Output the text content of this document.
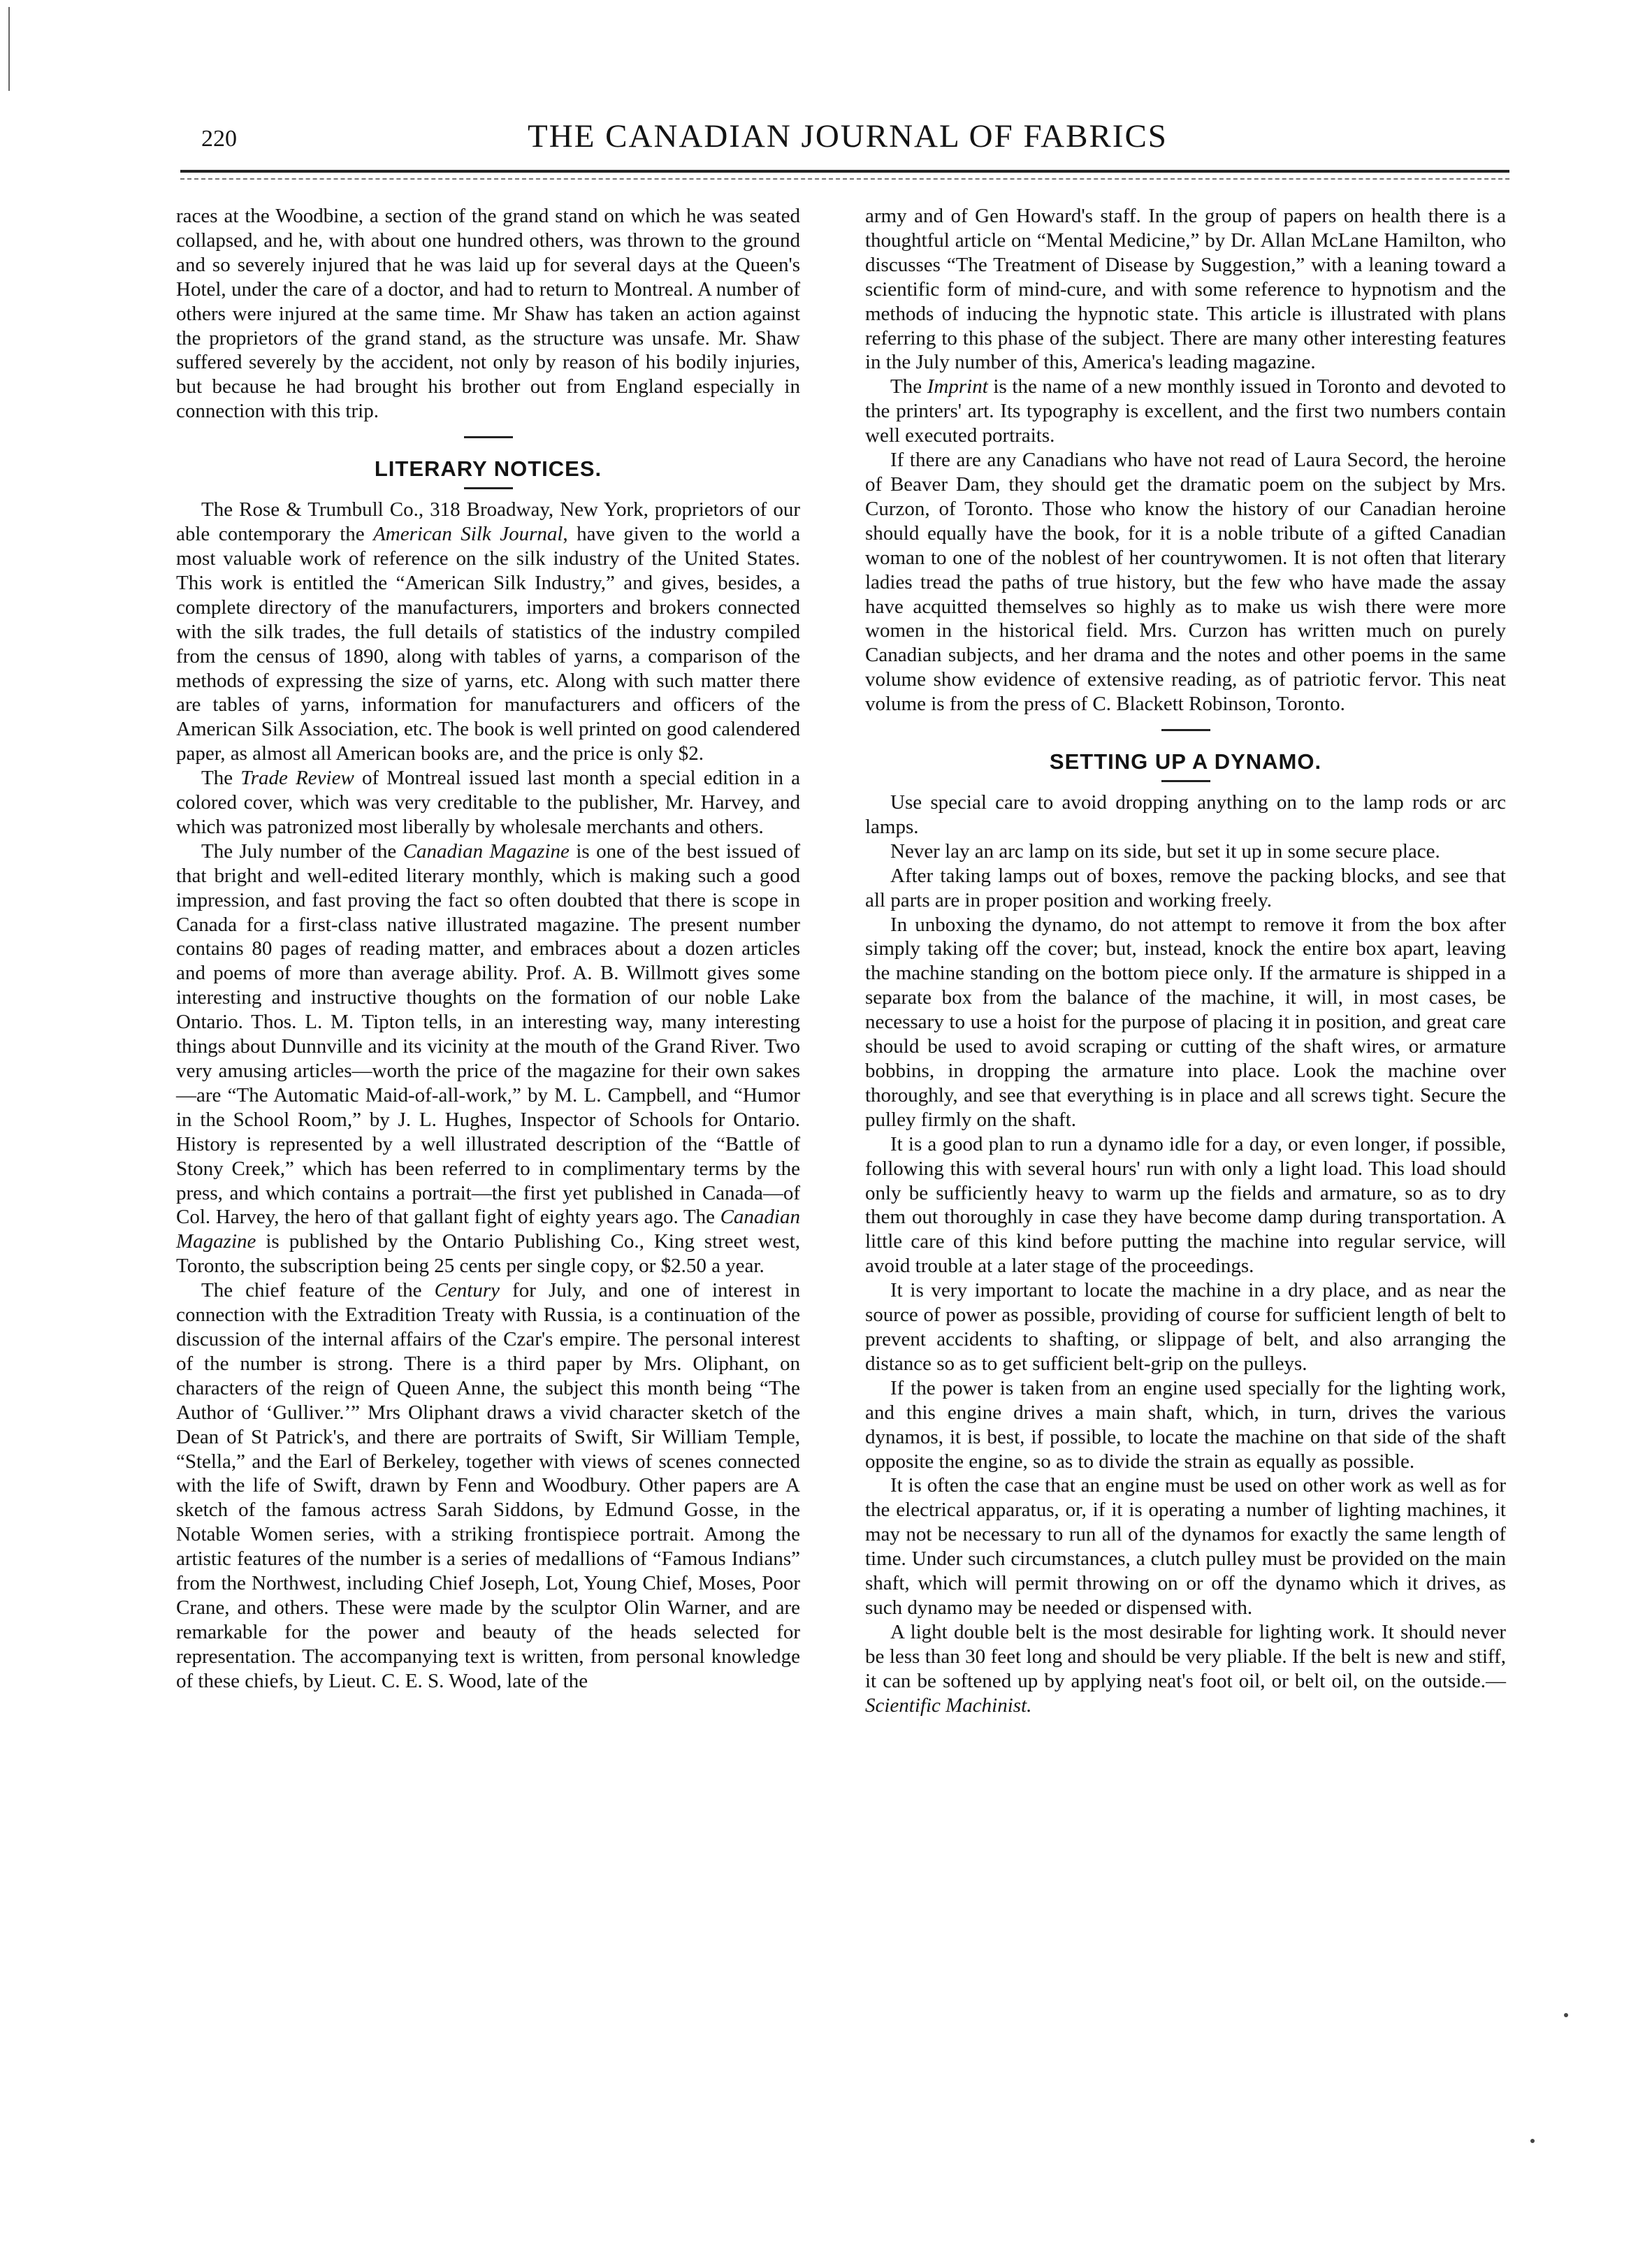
220	THE CANADIAN JOURNAL OF FABRICS

races at the Woodbine, a section of the grand stand on which he was seated collapsed, and he, with about one hundred others, was thrown to the ground and so severely injured that he was laid up for several days at the Queen's Hotel, under the care of a doctor, and had to return to Montreal. A number of others were injured at the same time. Mr Shaw has taken an action against the proprietors of the grand stand, as the structure was unsafe. Mr. Shaw suffered severely by the accident, not only by reason of his bodily injuries, but because he had brought his brother out from England especially in connection with this trip.

LITERARY NOTICES.

The Rose & Trumbull Co., 318 Broadway, New York, proprietors of our able contemporary the American Silk Journal, have given to the world a most valuable work of reference on the silk industry of the United States. This work is entitled the “American Silk Industry,” and gives, besides, a complete directory of the manufacturers, importers and brokers connected with the silk trades, the full details of statistics of the industry compiled from the census of 1890, along with tables of yarns, a comparison of the methods of expressing the size of yarns, etc. Along with such matter there are tables of yarns, information for manufacturers and officers of the American Silk Association, etc. The book is well printed on good calendered paper, as almost all American books are, and the price is only $2.

The Trade Review of Montreal issued last month a special edition in a colored cover, which was very creditable to the publisher, Mr. Harvey, and which was patronized most liberally by wholesale merchants and others.

The July number of the Canadian Magazine is one of the best issued of that bright and well-edited literary monthly, which is making such a good impression, and fast proving the fact so often doubted that there is scope in Canada for a first-class native illustrated magazine. The present number contains 80 pages of reading matter, and embraces about a dozen articles and poems of more than average ability. Prof. A. B. Willmott gives some interesting and instructive thoughts on the formation of our noble Lake Ontario. Thos. L. M. Tipton tells, in an interesting way, many interesting things about Dunnville and its vicinity at the mouth of the Grand River. Two very amusing articles—worth the price of the magazine for their own sakes—are “The Automatic Maid-of-all-work,” by M. L. Campbell, and “Humor in the School Room,” by J. L. Hughes, Inspector of Schools for Ontario. History is represented by a well illustrated description of the “Battle of Stony Creek,” which has been referred to in complimentary terms by the press, and which contains a portrait—the first yet published in Canada—of Col. Harvey, the hero of that gallant fight of eighty years ago. The Canadian Magazine is published by the Ontario Publishing Co., King street west, Toronto, the subscription being 25 cents per single copy, or $2.50 a year.

The chief feature of the Century for July, and one of interest in connection with the Extradition Treaty with Russia, is a continuation of the discussion of the internal affairs of the Czar's empire. The personal interest of the number is strong. There is a third paper by Mrs. Oliphant, on characters of the reign of Queen Anne, the subject this month being “The Author of ‘Gulliver.’” Mrs Oliphant draws a vivid character sketch of the Dean of St Patrick's, and there are portraits of Swift, Sir William Temple, “Stella,” and the Earl of Berkeley, together with views of scenes connected with the life of Swift, drawn by Fenn and Woodbury. Other papers are A sketch of the famous actress Sarah Siddons, by Edmund Gosse, in the Notable Women series, with a striking frontispiece portrait. Among the artistic features of the number is a series of medallions of “Famous Indians” from the Northwest, including Chief Joseph, Lot, Young Chief, Moses, Poor Crane, and others. These were made by the sculptor Olin Warner, and are remarkable for the power and beauty of the heads selected for representation. The accompanying text is written, from personal knowledge of these chiefs, by Lieut. C. E. S. Wood, late of the

army and of Gen Howard's staff. In the group of papers on health there is a thoughtful article on “Mental Medicine,” by Dr. Allan McLane Hamilton, who discusses “The Treatment of Disease by Suggestion,” with a leaning toward a scientific form of mind-cure, and with some reference to hypnotism and the methods of inducing the hypnotic state. This article is illustrated with plans referring to this phase of the subject. There are many other interesting features in the July number of this, America's leading magazine.

The Imprint is the name of a new monthly issued in Toronto and devoted to the printers' art. Its typography is excellent, and the first two numbers contain well executed portraits.

If there are any Canadians who have not read of Laura Secord, the heroine of Beaver Dam, they should get the dramatic poem on the subject by Mrs. Curzon, of Toronto. Those who know the history of our Canadian heroine should equally have the book, for it is a noble tribute of a gifted Canadian woman to one of the noblest of her countrywomen. It is not often that literary ladies tread the paths of true history, but the few who have made the assay have acquitted themselves so highly as to make us wish there were more women in the historical field. Mrs. Curzon has written much on purely Canadian subjects, and her drama and the notes and other poems in the same volume show evidence of extensive reading, as of patriotic fervor. This neat volume is from the press of C. Blackett Robinson, Toronto.

SETTING UP A DYNAMO.

Use special care to avoid dropping anything on to the lamp rods or arc lamps.

Never lay an arc lamp on its side, but set it up in some secure place.

After taking lamps out of boxes, remove the packing blocks, and see that all parts are in proper position and working freely.

In unboxing the dynamo, do not attempt to remove it from the box after simply taking off the cover; but, instead, knock the entire box apart, leaving the machine standing on the bottom piece only. If the armature is shipped in a separate box from the balance of the machine, it will, in most cases, be necessary to use a hoist for the purpose of placing it in position, and great care should be used to avoid scraping or cutting of the shaft wires, or armature bobbins, in dropping the armature into place. Look the machine over thoroughly, and see that everything is in place and all screws tight. Secure the pulley firmly on the shaft.

It is a good plan to run a dynamo idle for a day, or even longer, if possible, following this with several hours' run with only a light load. This load should only be sufficiently heavy to warm up the fields and armature, so as to dry them out thoroughly in case they have become damp during transportation. A little care of this kind before putting the machine into regular service, will avoid trouble at a later stage of the proceedings.

It is very important to locate the machine in a dry place, and as near the source of power as possible, providing of course for sufficient length of belt to prevent accidents to shafting, or slippage of belt, and also arranging the distance so as to get sufficient belt-grip on the pulleys.

If the power is taken from an engine used specially for the lighting work, and this engine drives a main shaft, which, in turn, drives the various dynamos, it is best, if possible, to locate the machine on that side of the shaft opposite the engine, so as to divide the strain as equally as possible.

It is often the case that an engine must be used on other work as well as for the electrical apparatus, or, if it is operating a number of lighting machines, it may not be necessary to run all of the dynamos for exactly the same length of time. Under such circumstances, a clutch pulley must be provided on the main shaft, which will permit throwing on or off the dynamo which it drives, as such dynamo may be needed or dispensed with.

A light double belt is the most desirable for lighting work. It should never be less than 30 feet long and should be very pliable. If the belt is new and stiff, it can be softened up by applying neat's foot oil, or belt oil, on the outside.—Scientific Machinist.
